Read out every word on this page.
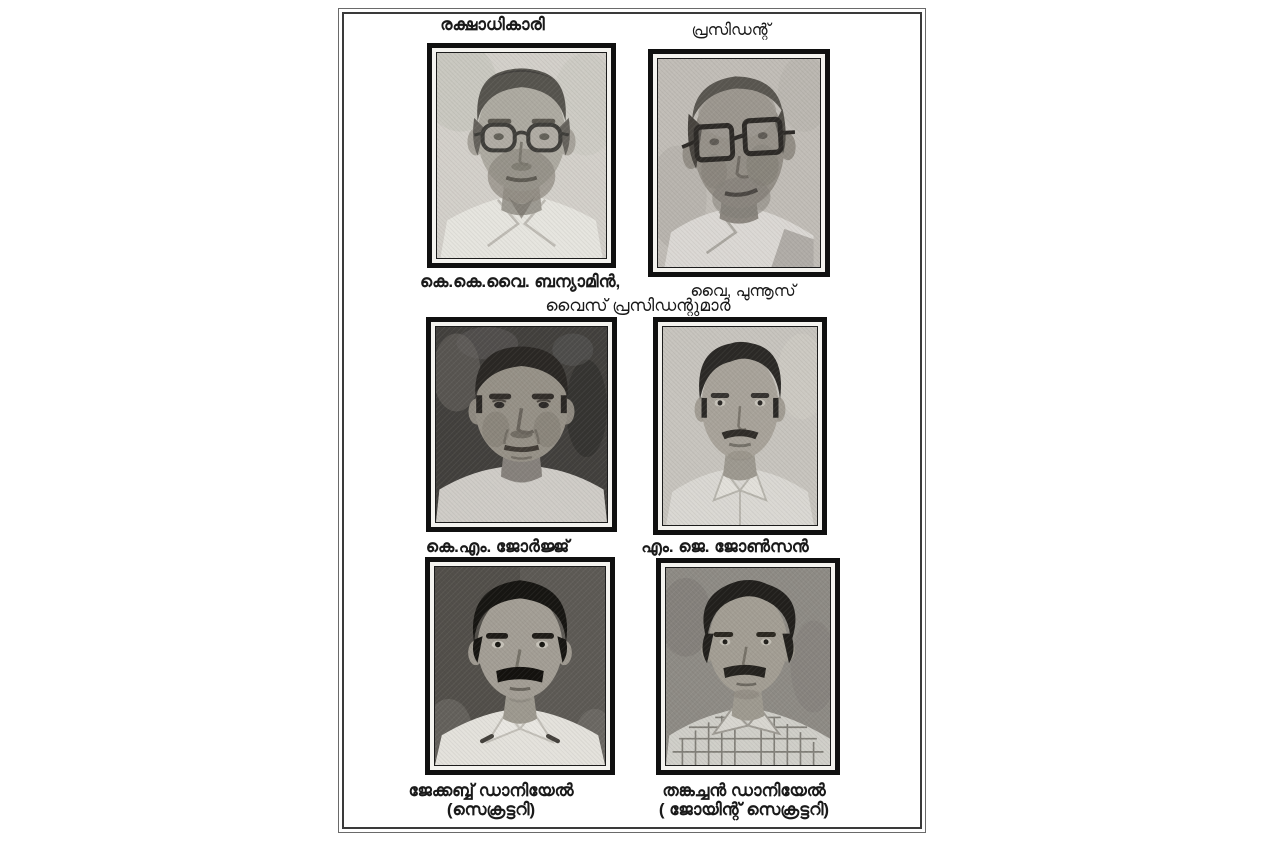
രക്ഷാധികാരി	പ്രസിഡന്റ്
കെ.കെ.വൈ. ബന്യാമിൻ,
വൈ, പുന്നൂസ്
വൈസ് പ്രസിഡന്റുമാർ
കെ.എം. ജോർജ്ജ്	എം. ജെ. ജോൺസൻ
ജേക്കബ്ബ് ഡാനിയേൽ
(സെക്രട്ടറി)
തങ്കച്ചൻ ഡാനിയേൽ
( ജോയിന്റ് സെക്രട്ടറി)
